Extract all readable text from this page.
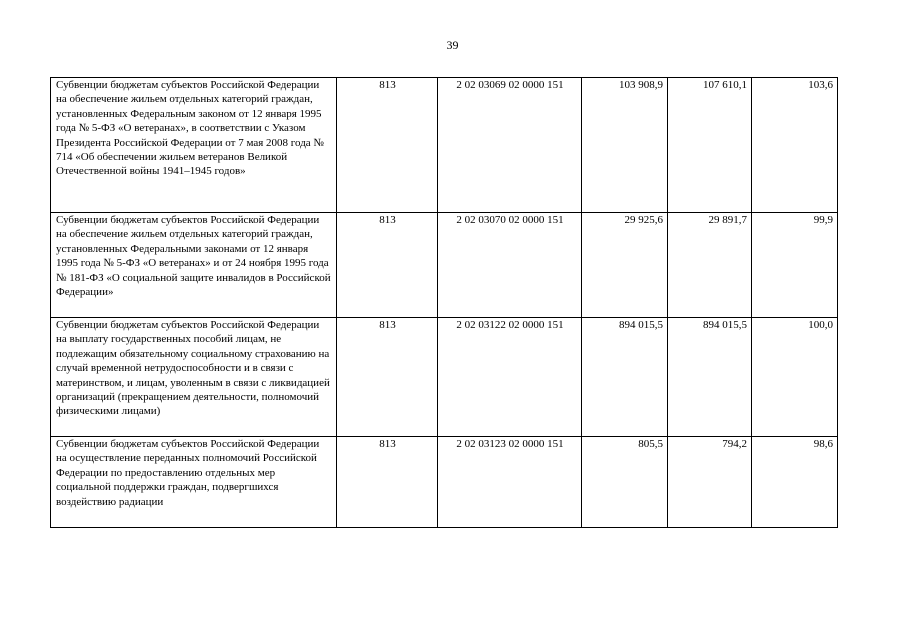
39
Субвенции бюджетам субъектов Российской Федерации на обеспечение жильем отдельных категорий граждан, установленных Федеральным законом от 12 января 1995 года № 5-ФЗ «О ветеранах», в соответствии с Указом Президента Российской Федерации от 7 мая 2008 года № 714 «Об обеспечении жильем ветеранов Великой Отечественной войны 1941–1945 годов»	813	2 02 03069 02 0000 151	103 908,9	107 610,1	103,6
Субвенции бюджетам субъектов Российской Федерации на обеспечение жильем отдельных категорий граждан, установленных Федеральными законами от 12 января 1995 года № 5-ФЗ «О ветеранах» и от 24 ноября 1995 года № 181-ФЗ «О социальной защите инвалидов в Российской Федерации»	813	2 02 03070 02 0000 151	29 925,6	29 891,7	99,9
Субвенции бюджетам субъектов Российской Федерации на выплату государственных пособий лицам, не подлежащим обязательному социальному страхованию на случай временной нетрудоспособности и в связи с материнством, и лицам, уволенным в связи с ликвидацией организаций (прекращением деятельности, полномочий физическими лицами)	813	2 02 03122 02 0000 151	894 015,5	894 015,5	100,0
Субвенции бюджетам субъектов Российской Федерации на осуществление переданных полномочий Российской Федерации по предоставлению отдельных мер социальной поддержки граждан, подвергшихся воздействию радиации	813	2 02 03123 02 0000 151	805,5	794,2	98,6
